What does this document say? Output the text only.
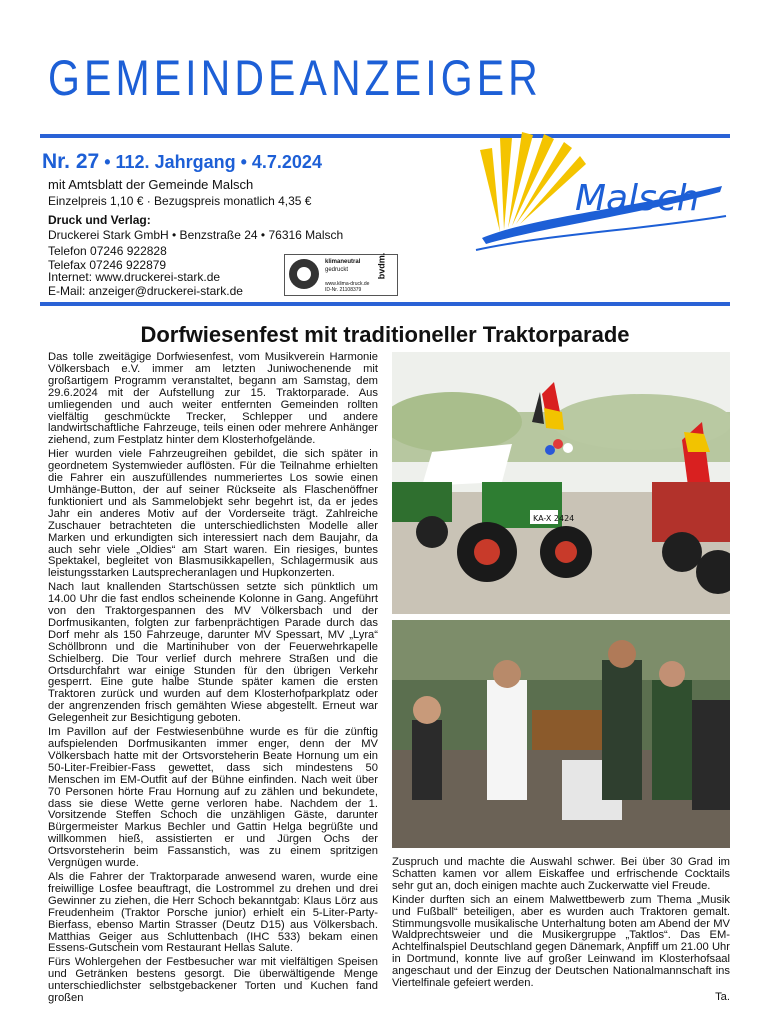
GEMEINDEANZEIGER
Nr. 27 • 112. Jahrgang • 4.7.2024
mit Amtsblatt der Gemeinde Malsch
Einzelpreis 1,10 € · Bezugspreis monatlich 4,35 €
Druck und Verlag:
Druckerei Stark GmbH • Benzstraße 24 • 76316 Malsch
Telefon 07246 922828
Telefax 07246 922879
Internet: www.druckerei-stark.de
E-Mail: anzeiger@druckerei-stark.de
klimaneutral
gedruckt
www.klima-druck.de
ID-Nr. 21108379
bvdm.
Malsch
Dorfwiesenfest mit traditioneller Traktorparade

Das tolle zweitägige Dorfwiesenfest, vom Musikverein Harmonie Völkersbach e.V. immer am letzten Juniwochenende mit großartigem Programm veranstaltet, begann am Samstag, dem 29.6.2024 mit der Aufstellung zur 15. Traktorparade. Aus umliegenden und auch weiter entfernten Gemeinden rollten vielfältig geschmückte Trecker, Schlepper und andere landwirtschaftliche Fahrzeuge, teils einen oder mehrere Anhänger ziehend, zum Festplatz hinter dem Klosterhofgelände.

Hier wurden viele Fahrzeugreihen gebildet, die sich später in geordnetem Systemwieder auflösten. Für die Teilnahme erhielten die Fahrer ein auszufüllendes nummeriertes Los sowie einen Umhänge-Button, der auf seiner Rückseite als Flaschenöffner funktioniert und als Sammelobjekt sehr begehrt ist, da er jedes Jahr ein anderes Motiv auf der Vorderseite trägt. Zahlreiche Zuschauer betrachteten die unterschiedlichsten Modelle aller Marken und erkundigten sich interessiert nach dem Baujahr, da auch sehr viele „Oldies“ am Start waren. Ein riesiges, buntes Spektakel, begleitet von Blasmusikkapellen, Schlagermusik aus leistungsstarken Lautsprecheranlagen und Hupkonzerten.

Nach laut knallenden Startschüssen setzte sich pünktlich um 14.00 Uhr die fast endlos scheinende Kolonne in Gang. Angeführt von den Traktorgespannen des MV Völkersbach und der Dorfmusikanten, folgten zur farbenprächtigen Parade durch das Dorf mehr als 150 Fahrzeuge, darunter MV Spessart, MV „Lyra“ Schöllbronn und die Martinihuber von der Feuerwehrkapelle Schielberg. Die Tour verlief durch mehrere Straßen und die Ortsdurchfahrt war einige Stunden für den übrigen Verkehr gesperrt. Eine gute halbe Stunde später kamen die ersten Traktoren zurück und wurden auf dem Klosterhofparkplatz oder der angrenzenden frisch gemähten Wiese abgestellt. Erneut war Gelegenheit zur Besichtigung geboten.

Im Pavillon auf der Festwiesenbühne wurde es für die zünftig aufspielenden Dorfmusikanten immer enger, denn der MV Völkersbach hatte mit der Ortsvorsteherin Beate Hornung um ein 50-Liter-Freibier-Fass gewettet, dass sich mindestens 50 Menschen im EM-Outfit auf der Bühne einfinden. Nach weit über 70 Personen hörte Frau Hornung auf zu zählen und bekundete, dass sie diese Wette gerne verloren habe. Nachdem der 1. Vorsitzende Steffen Schoch die unzähligen Gäste, darunter Bürgermeister Markus Bechler und Gattin Helga begrüßte und willkommen hieß, assistierten er und Jürgen Ochs der Ortsvorsteherin beim Fassanstich, was zu einem spritzigen Vergnügen wurde.

Als die Fahrer der Traktorparade anwesend waren, wurde eine freiwillige Losfee beauftragt, die Lostrommel zu drehen und drei Gewinner zu ziehen, die Herr Schoch bekanntgab: Klaus Lörz aus Freudenheim (Traktor Porsche junior) erhielt ein 5-Liter-Party-Bierfass, ebenso Martin Strasser (Deutz D15) aus Völkersbach. Matthias Geiger aus Schluttenbach (IHC 533) bekam einen Essens-Gutschein vom Restaurant Hellas Salute.

Fürs Wohlergehen der Festbesucher war mit vielfältigen Speisen und Getränken bestens gesorgt. Die überwältigende Menge unterschiedlichster selbstgebackener Torten und Kuchen fand großen

KA-X 2424

Zuspruch und machte die Auswahl schwer. Bei über 30 Grad im Schatten kamen vor allem Eiskaffee und erfrischende Cocktails sehr gut an, doch einigen machte auch Zuckerwatte viel Freude.

Kinder durften sich an einem Malwettbewerb zum Thema „Musik und Fußball“ beteiligen, aber es wurden auch Traktoren gemalt. Stimmungsvolle musikalische Unterhaltung boten am Abend der MV Waldprechtsweier und die Musikergruppe „Taktlos“. Das EM-Achtelfinalspiel Deutschland gegen Dänemark, Anpfiff um 21.00 Uhr in Dortmund, konnte live auf großer Leinwand im Klosterhofsaal angeschaut und der Einzug der Deutschen Nationalmannschaft ins Viertelfinale gefeiert werden.

Ta.
